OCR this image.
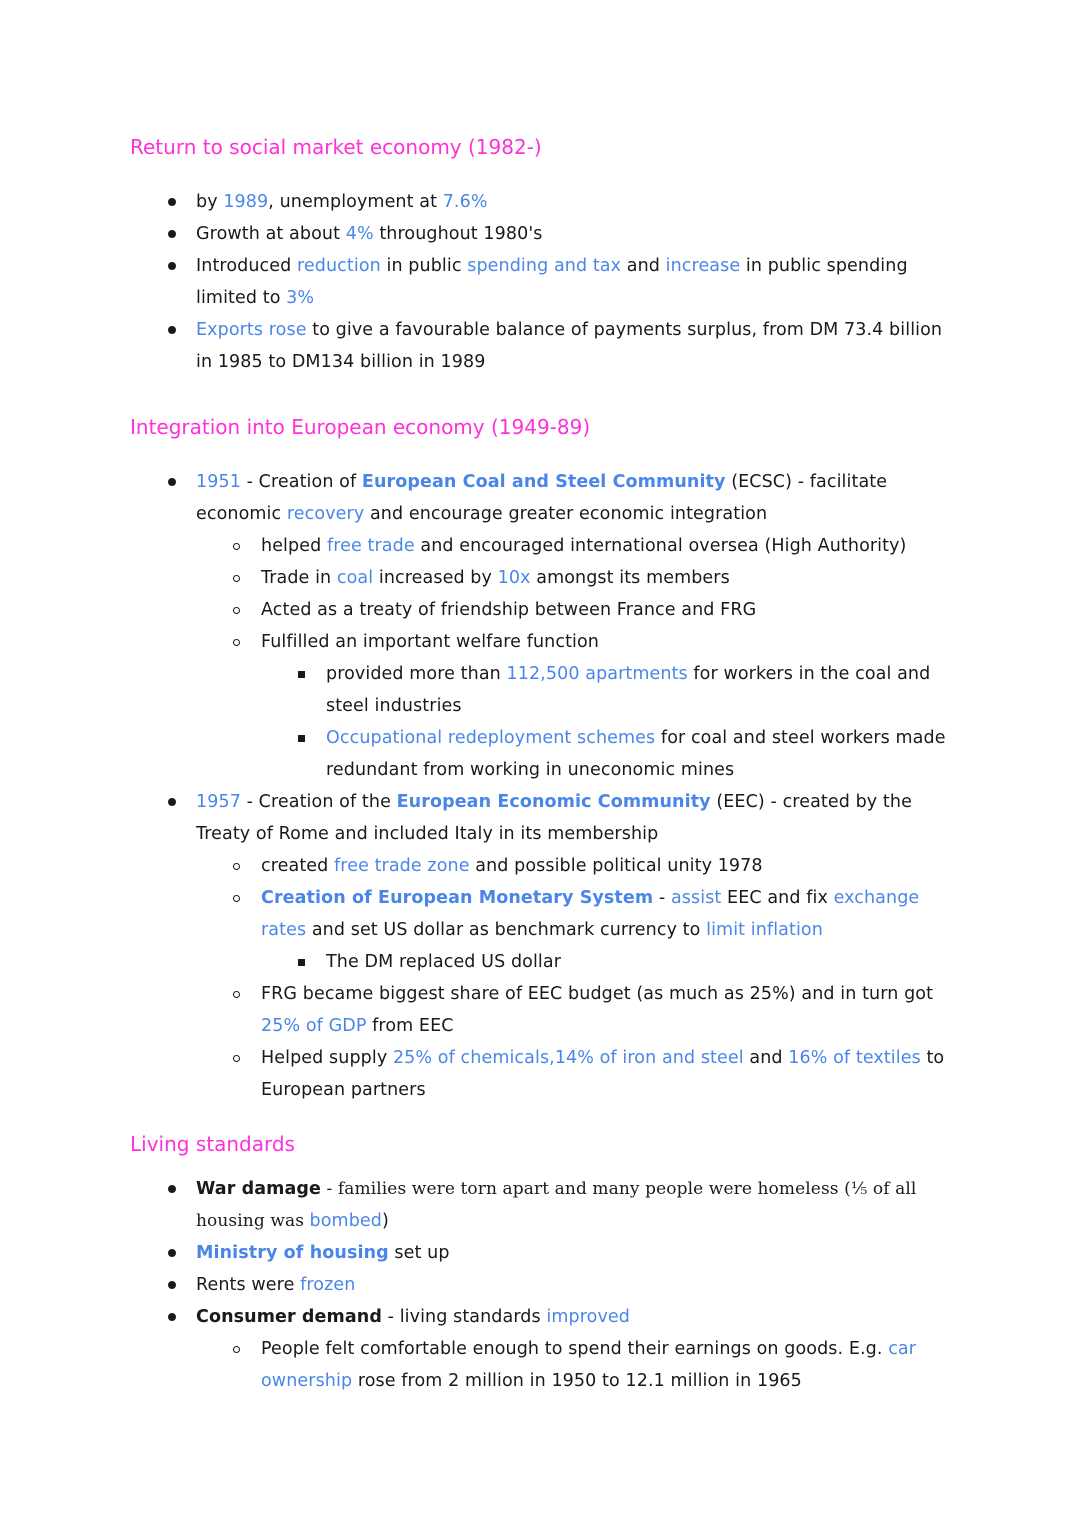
Return to social market economy (1982-)
by 1989, unemployment at 7.6%
Growth at about 4% throughout 1980's
Introduced reduction in public spending and tax and increase in public spending limited to 3%
Exports rose to give a favourable balance of payments surplus, from DM 73.4 billion in 1985 to DM134 billion in 1989
Integration into European economy (1949-89)
1951 - Creation of European Coal and Steel Community (ECSC) - facilitate economic recovery and encourage greater economic integration
helped free trade and encouraged international oversea (High Authority)
Trade in coal increased by 10x amongst its members
Acted as a treaty of friendship between France and FRG
Fulfilled an important welfare function
provided more than 112,500 apartments for workers in the coal and steel industries
Occupational redeployment schemes for coal and steel workers made redundant from working in uneconomic mines
1957 - Creation of the European Economic Community (EEC) - created by the Treaty of Rome and included Italy in its membership
created free trade zone and possible political unity 1978
Creation of European Monetary System - assist EEC and fix exchange rates and set US dollar as benchmark currency to limit inflation
The DM replaced US dollar
FRG became biggest share of EEC budget (as much as 25%) and in turn got 25% of GDP from EEC
Helped supply 25% of chemicals,14% of iron and steel and 16% of textiles to European partners
Living standards
War damage - families were torn apart and many people were homeless (⅕ of all housing was bombed)
Ministry of housing set up
Rents were frozen
Consumer demand - living standards improved
People felt comfortable enough to spend their earnings on goods. E.g. car ownership rose from 2 million in 1950 to 12.1 million in 1965
